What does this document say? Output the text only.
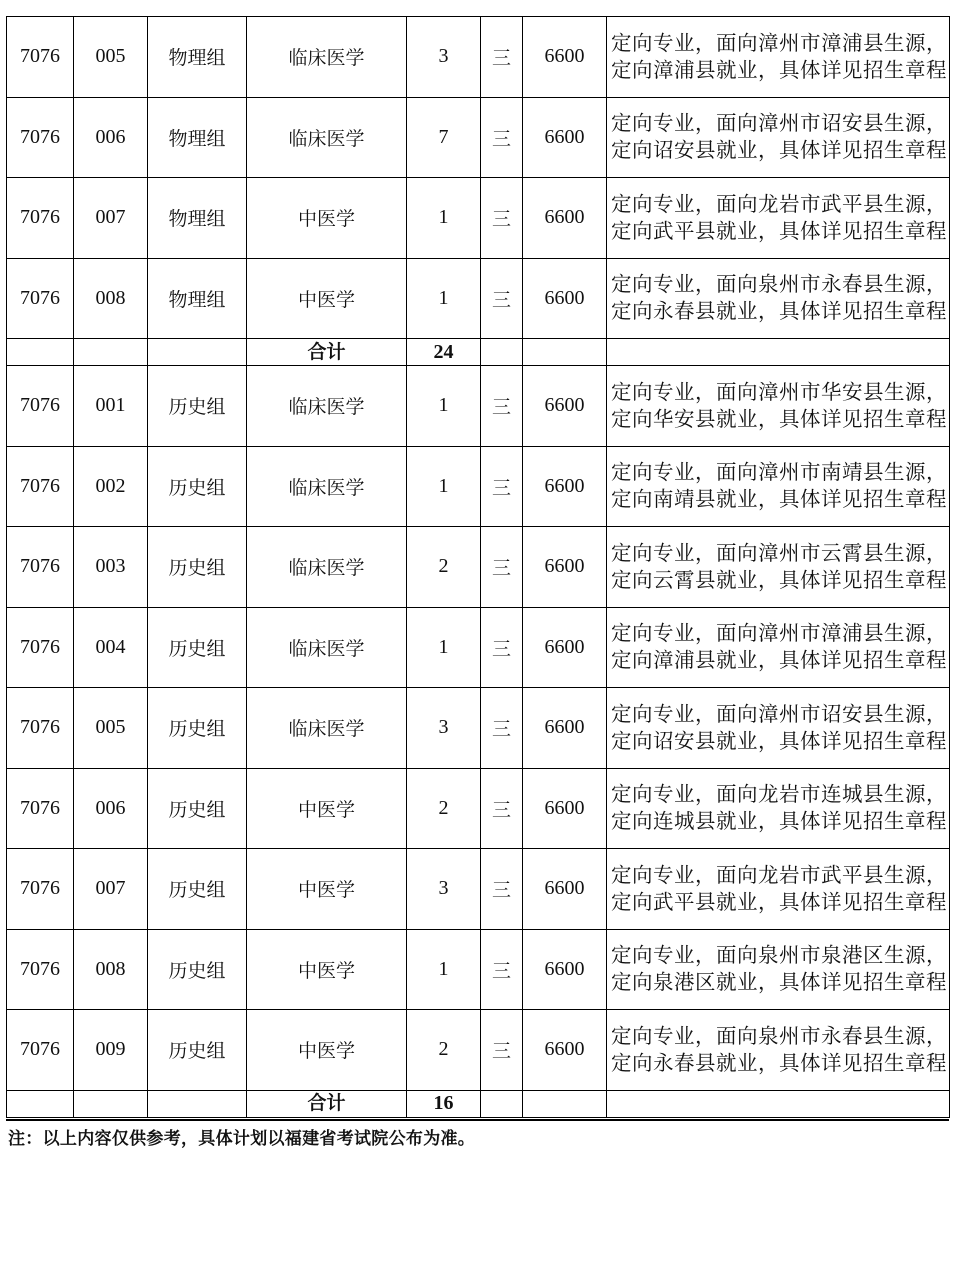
7076	005	物理组	临床医学	3	三	6600	定向专业，面向漳州市漳浦县生源，定向漳浦县就业，具体详见招生章程
7076	006	物理组	临床医学	7	三	6600	定向专业，面向漳州市诏安县生源，定向诏安县就业，具体详见招生章程
7076	007	物理组	中医学	1	三	6600	定向专业，面向龙岩市武平县生源，定向武平县就业，具体详见招生章程
7076	008	物理组	中医学	1	三	6600	定向专业，面向泉州市永春县生源，定向永春县就业，具体详见招生章程
			合计	24			
7076	001	历史组	临床医学	1	三	6600	定向专业，面向漳州市华安县生源，定向华安县就业，具体详见招生章程
7076	002	历史组	临床医学	1	三	6600	定向专业，面向漳州市南靖县生源，定向南靖县就业，具体详见招生章程
7076	003	历史组	临床医学	2	三	6600	定向专业，面向漳州市云霄县生源，定向云霄县就业，具体详见招生章程
7076	004	历史组	临床医学	1	三	6600	定向专业，面向漳州市漳浦县生源，定向漳浦县就业，具体详见招生章程
7076	005	历史组	临床医学	3	三	6600	定向专业，面向漳州市诏安县生源，定向诏安县就业，具体详见招生章程
7076	006	历史组	中医学	2	三	6600	定向专业，面向龙岩市连城县生源，定向连城县就业，具体详见招生章程
7076	007	历史组	中医学	3	三	6600	定向专业，面向龙岩市武平县生源，定向武平县就业，具体详见招生章程
7076	008	历史组	中医学	1	三	6600	定向专业，面向泉州市泉港区生源，定向泉港区就业，具体详见招生章程
7076	009	历史组	中医学	2	三	6600	定向专业，面向泉州市永春县生源，定向永春县就业，具体详见招生章程
			合计	16			
注：以上内容仅供参考，具体计划以福建省考试院公布为准。
